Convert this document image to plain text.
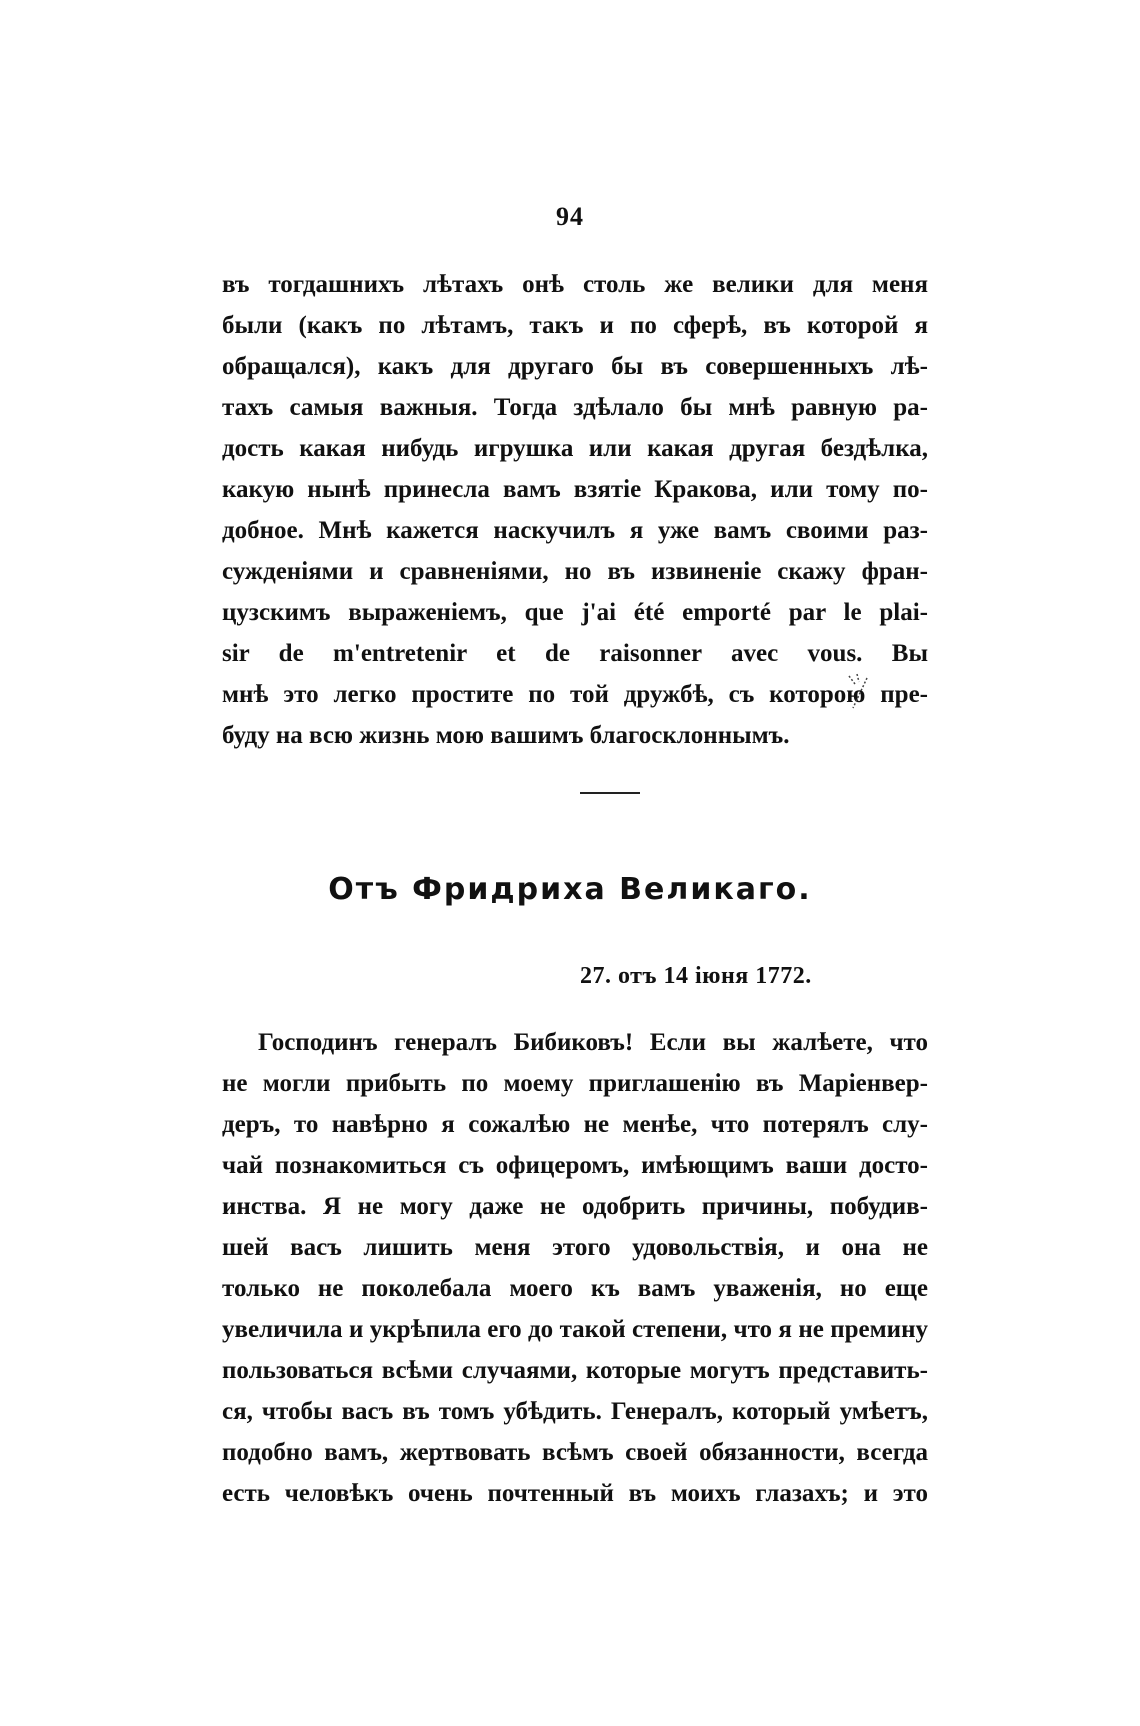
94
въ тогдашнихъ лѣтахъ онѣ столь же велики для меня
были (какъ по лѣтамъ, такъ и по сферѣ, въ которой я
обращался), какъ для другаго бы въ совершенныхъ лѣ-
тахъ самыя важныя. Тогда здѣлало бы мнѣ равную ра-
дость какая нибудь игрушка или какая другая бездѣлка,
какую нынѣ принесла вамъ взятіе Кракова, или тому по-
добное. Мнѣ кажется наскучилъ я уже вамъ своими раз-
сужденіями и сравненіями, но въ извиненіе скажу фран-
цузскимъ выраженіемъ, que j'ai été emporté par le plai-
sir de m'entretenir et de raisonner avec vous. Вы
мнѣ это легко простите по той дружбѣ, съ которою пре-
буду на всю жизнь мою вашимъ благосклоннымъ.
Отъ Фридриха Великаго.
27. отъ 14 іюня 1772.
Господинъ генералъ Бибиковъ! Если вы жалѣете, что
не могли прибыть по моему приглашенію въ Маріенвер-
деръ, то навѣрно я сожалѣю не менѣе, что потерялъ слу-
чай познакомиться съ офицеромъ, имѣющимъ ваши досто-
инства. Я не могу даже не одобрить причины, побудив-
шей васъ лишить меня этого удовольствія, и она не
только не поколебала моего къ вамъ уваженія, но еще
увеличила и укрѣпила его до такой степени, что я не премину
пользоваться всѣми случаями, которые могутъ представить-
ся, чтобы васъ въ томъ убѣдить. Генералъ, который умѣетъ,
подобно вамъ, жертвовать всѣмъ своей обязанности, всегда
есть человѣкъ очень почтенный въ моихъ глазахъ; и это
